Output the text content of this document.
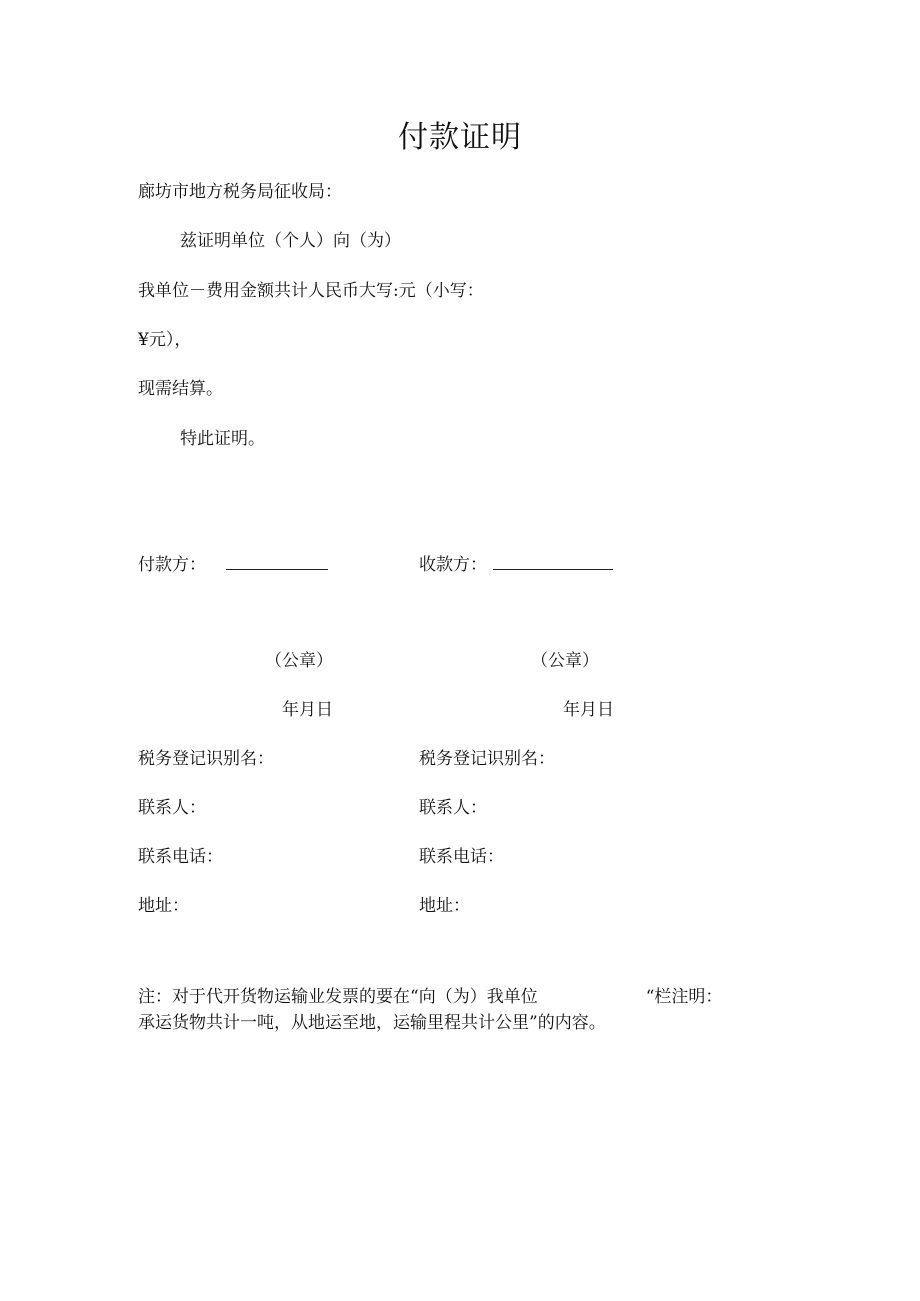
付款证明
廊坊市地方税务局征收局：
兹证明单位（个人）向（为）
我单位－费用金额共计人民币大写:元（小写：
¥元），
现需结算。
特此证明。
付款方：	收款方：
（公章）	（公章）
年月日	年月日
税务登记识别名：	税务登记识别名：
联系人：	联系人：
联系电话：	联系电话：
地址：	地址：
注：对于代开货物运输业发票的要在“向（为）我单位	“栏注明：
承运货物共计一吨，从地运至地，运输里程共计公里”的内容。
